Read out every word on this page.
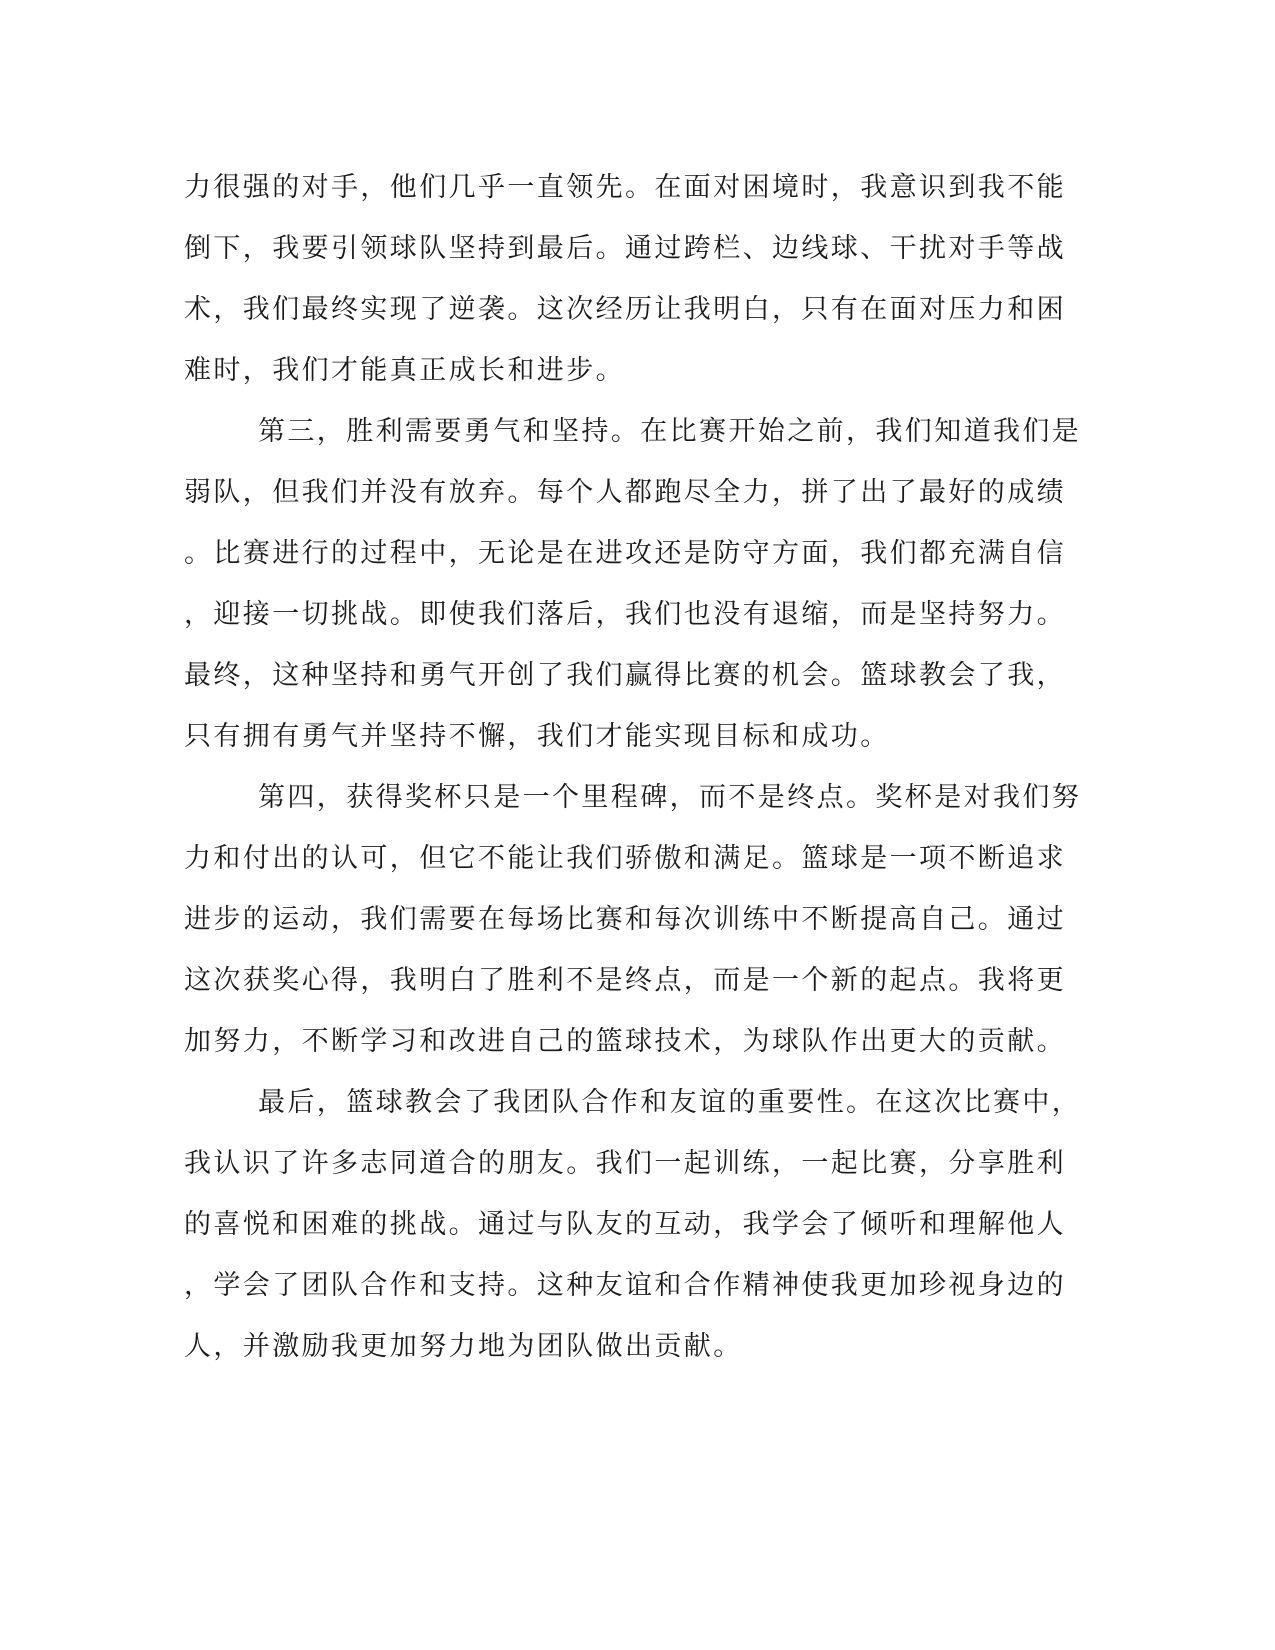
力很强的对手，他们几乎一直领先。在面对困境时，我意识到我不能
倒下，我要引领球队坚持到最后。通过跨栏、边线球、干扰对手等战
术，我们最终实现了逆袭。这次经历让我明白，只有在面对压力和困
难时，我们才能真正成长和进步。
第三，胜利需要勇气和坚持。在比赛开始之前，我们知道我们是
弱队，但我们并没有放弃。每个人都跑尽全力，拼了出了最好的成绩
。比赛进行的过程中，无论是在进攻还是防守方面，我们都充满自信
，迎接一切挑战。即使我们落后，我们也没有退缩，而是坚持努力。
最终，这种坚持和勇气开创了我们赢得比赛的机会。篮球教会了我，
只有拥有勇气并坚持不懈，我们才能实现目标和成功。
第四，获得奖杯只是一个里程碑，而不是终点。奖杯是对我们努
力和付出的认可，但它不能让我们骄傲和满足。篮球是一项不断追求
进步的运动，我们需要在每场比赛和每次训练中不断提高自己。通过
这次获奖心得，我明白了胜利不是终点，而是一个新的起点。我将更
加努力，不断学习和改进自己的篮球技术，为球队作出更大的贡献。
最后，篮球教会了我团队合作和友谊的重要性。在这次比赛中，
我认识了许多志同道合的朋友。我们一起训练，一起比赛，分享胜利
的喜悦和困难的挑战。通过与队友的互动，我学会了倾听和理解他人
，学会了团队合作和支持。这种友谊和合作精神使我更加珍视身边的
人，并激励我更加努力地为团队做出贡献。
